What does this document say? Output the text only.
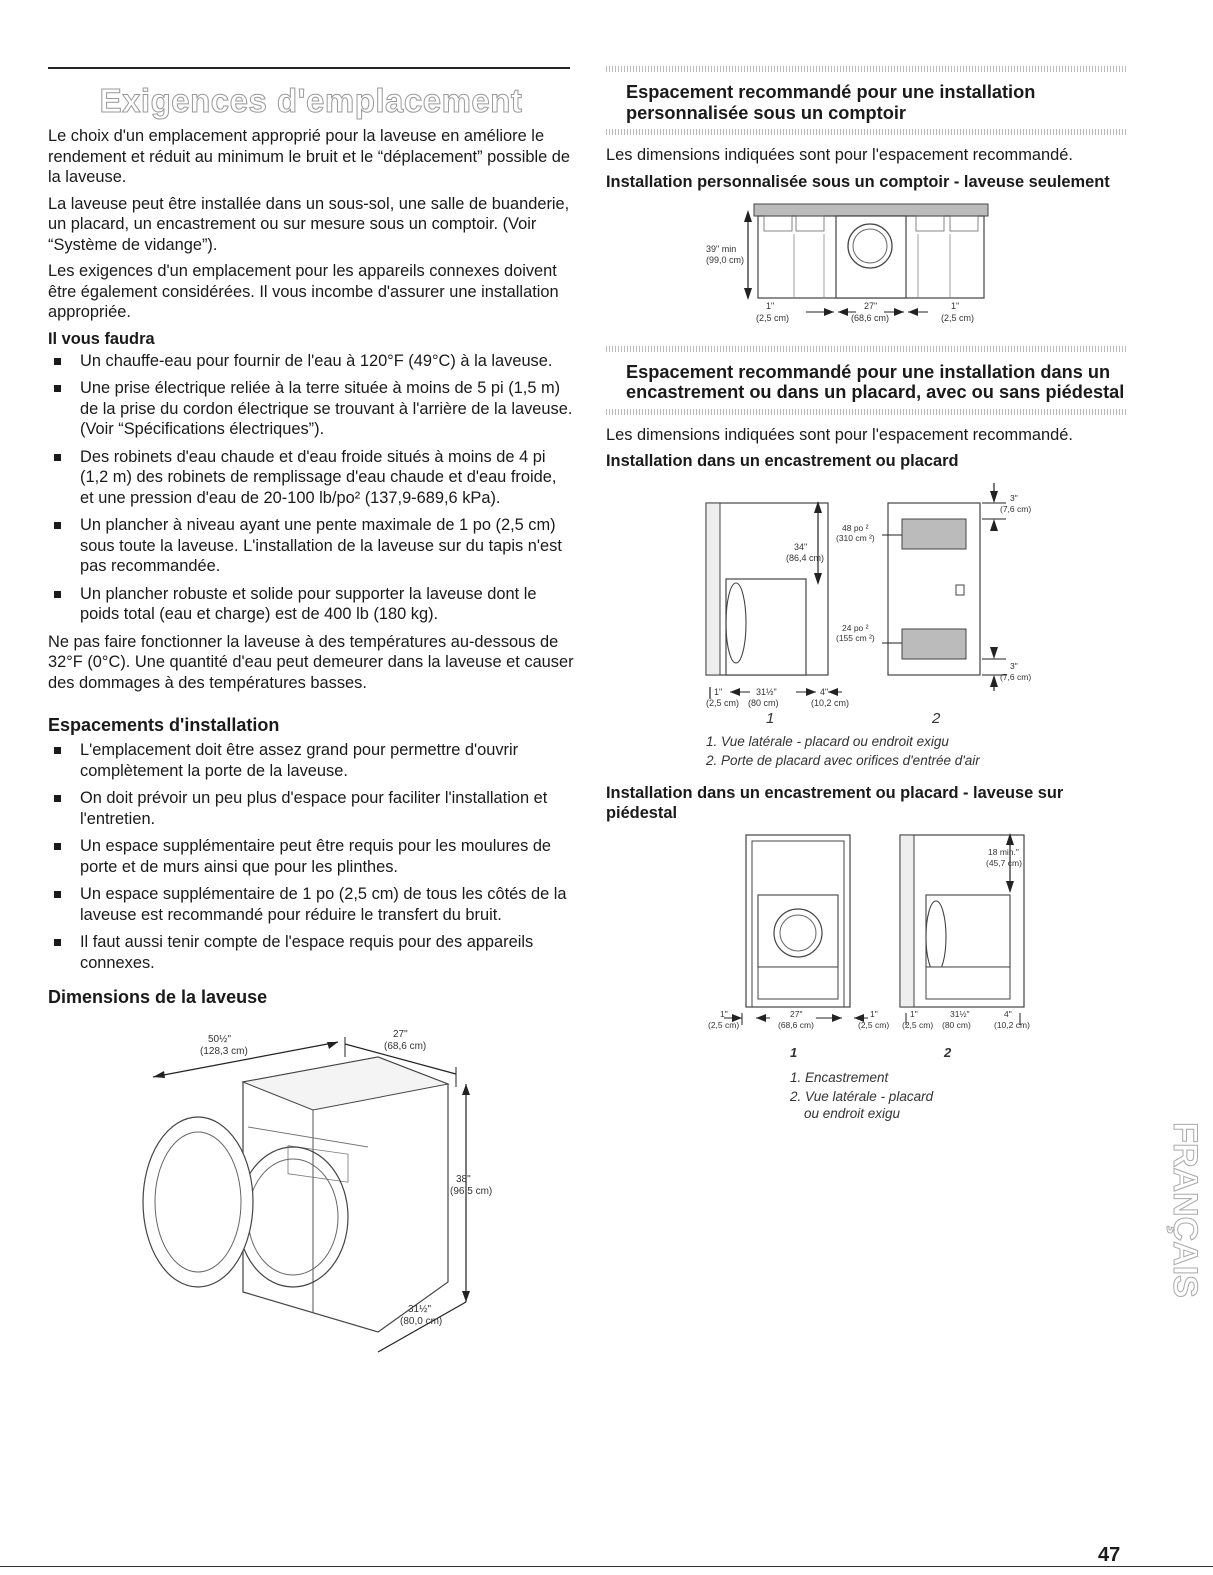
Exigences d'emplacement

Le choix d'un emplacement approprié pour la laveuse en améliore le rendement et réduit au minimum le bruit et le “déplacement” possible de la laveuse.

La laveuse peut être installée dans un sous-sol, une salle de buanderie, un placard, un encastrement ou sur mesure sous un comptoir. (Voir “Système de vidange”).

Les exigences d'un emplacement pour les appareils connexes doivent être également considérées. Il vous incombe d'assurer une installation appropriée.

Il vous faudra
Un chauffe-eau pour fournir de l'eau à 120°F (49°C) à la laveuse.
Une prise électrique reliée à la terre située à moins de 5 pi (1,5 m) de la prise du cordon électrique se trouvant à l'arrière de la laveuse. (Voir “Spécifications électriques”).
Des robinets d'eau chaude et d'eau froide situés à moins de 4 pi (1,2 m) des robinets de remplissage d'eau chaude et d'eau froide, et une pression d'eau de 20-100 lb/po² (137,9-689,6 kPa).
Un plancher à niveau ayant une pente maximale de 1 po (2,5 cm) sous toute la laveuse. L'installation de la laveuse sur du tapis n'est pas recommandée.
Un plancher robuste et solide pour supporter la laveuse dont le poids total (eau et charge) est de 400 lb (180 kg).

Ne pas faire fonctionner la laveuse à des températures au-dessous de 32°F (0°C). Une quantité d'eau peut demeurer dans la laveuse et causer des dommages à des températures basses.

Espacements d'installation
L'emplacement doit être assez grand pour permettre d'ouvrir complètement la porte de la laveuse.
On doit prévoir un peu plus d'espace pour faciliter l'installation et l'entretien.
Un espace supplémentaire peut être requis pour les moulures de porte et de murs ainsi que pour les plinthes.
Un espace supplémentaire de 1 po (2,5 cm) de tous les côtés de la laveuse est recommandé pour réduire le transfert du bruit.
Il faut aussi tenir compte de l'espace requis pour des appareils connexes.
Dimensions de la laveuse
50½"
(128,3 cm)
27"
(68,6 cm)
38"
(96,5 cm)
31½"
(80,0 cm)
Espacement recommandé pour une installation personnalisée sous un comptoir

Les dimensions indiquées sont pour l'espacement recommandé.

Installation personnalisée sous un comptoir - laveuse seulement
39" min
(99,0 cm)
1"
(2,5 cm)
27"
(68,6 cm)
1"
(2,5 cm)
Espacement recommandé pour une installation dans un encastrement ou dans un placard, avec ou sans piédestal

Les dimensions indiquées sont pour l'espacement recommandé.

Installation dans un encastrement ou placard
34"
(86,4 cm)
1"
(2,5 cm)
31½"
(80 cm)
4"
(10,2 cm)
48 po ²
(310 cm ²)
24 po ²
(155 cm ²)
3"
(7,6 cm)
3"
(7,6 cm)
1	2
1. Vue latérale - placard ou endroit exigu
2. Porte de placard avec orifices d'entrée d'air
Installation dans un encastrement ou placard - laveuse sur piédestal
18 min."
(45,7 cm)
1"
(2,5 cm)
27"
(68,6 cm)
1"
(2,5 cm)
1"
(2,5 cm)
31½"
(80 cm)
4"
(10,2 cm)
1	2
1. Encastrement
2. Vue latérale - placard
ou endroit exigu
FRANÇAIS
47
